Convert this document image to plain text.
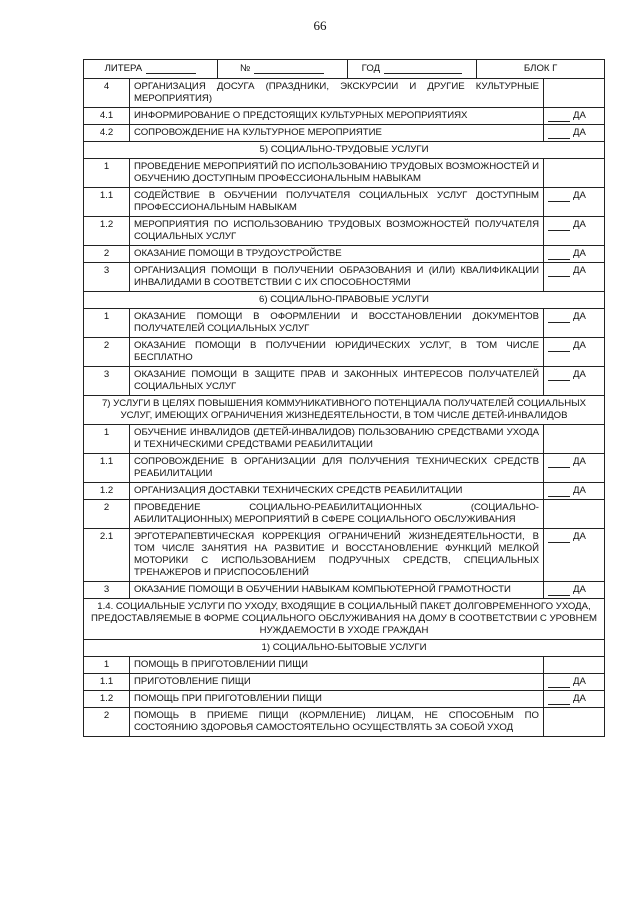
66
ЛИТЕРА № ГОД БЛОК Г		

4	ОРГАНИЗАЦИЯ ДОСУГА (ПРАЗДНИКИ, ЭКСКУРСИИ И ДРУГИЕ КУЛЬТУРНЫЕ МЕРОПРИЯТИЯ)	
4.1	ИНФОРМИРОВАНИЕ О ПРЕДСТОЯЩИХ КУЛЬТУРНЫХ МЕРОПРИЯТИЯХ	ДА
4.2	СОПРОВОЖДЕНИЕ НА КУЛЬТУРНОЕ МЕРОПРИЯТИЕ	ДА
5) СОЦИАЛЬНО-ТРУДОВЫЕ УСЛУГИ		
1	ПРОВЕДЕНИЕ МЕРОПРИЯТИЙ ПО ИСПОЛЬЗОВАНИЮ ТРУДОВЫХ ВОЗМОЖНОСТЕЙ И ОБУЧЕНИЮ ДОСТУПНЫМ ПРОФЕССИОНАЛЬНЫМ НАВЫКАМ	
1.1	СОДЕЙСТВИЕ В ОБУЧЕНИИ ПОЛУЧАТЕЛЯ СОЦИАЛЬНЫХ УСЛУГ ДОСТУПНЫМ ПРОФЕССИОНАЛЬНЫМ НАВЫКАМ	ДА
1.2	МЕРОПРИЯТИЯ ПО ИСПОЛЬЗОВАНИЮ ТРУДОВЫХ ВОЗМОЖНОСТЕЙ ПОЛУЧАТЕЛЯ СОЦИАЛЬНЫХ УСЛУГ	ДА
2	ОКАЗАНИЕ ПОМОЩИ В ТРУДОУСТРОЙСТВЕ	ДА
3	ОРГАНИЗАЦИЯ ПОМОЩИ В ПОЛУЧЕНИИ ОБРАЗОВАНИЯ И (ИЛИ) КВАЛИФИКАЦИИ ИНВАЛИДАМИ В СООТВЕТСТВИИ С ИХ СПОСОБНОСТЯМИ	ДА
6) СОЦИАЛЬНО-ПРАВОВЫЕ УСЛУГИ		
1	ОКАЗАНИЕ ПОМОЩИ В ОФОРМЛЕНИИ И ВОССТАНОВЛЕНИИ ДОКУМЕНТОВ ПОЛУЧАТЕЛЕЙ СОЦИАЛЬНЫХ УСЛУГ	ДА
2	ОКАЗАНИЕ ПОМОЩИ В ПОЛУЧЕНИИ ЮРИДИЧЕСКИХ УСЛУГ, В ТОМ ЧИСЛЕ БЕСПЛАТНО	ДА
3	ОКАЗАНИЕ ПОМОЩИ В ЗАЩИТЕ ПРАВ И ЗАКОННЫХ ИНТЕРЕСОВ ПОЛУЧАТЕЛЕЙ СОЦИАЛЬНЫХ УСЛУГ	ДА
7) УСЛУГИ В ЦЕЛЯХ ПОВЫШЕНИЯ КОММУНИКАТИВНОГО ПОТЕНЦИАЛА ПОЛУЧАТЕЛЕЙ СОЦИАЛЬНЫХ УСЛУГ, ИМЕЮЩИХ ОГРАНИЧЕНИЯ ЖИЗНЕДЕЯТЕЛЬНОСТИ, В ТОМ ЧИСЛЕ ДЕТЕЙ-ИНВАЛИДОВ		
1	ОБУЧЕНИЕ ИНВАЛИДОВ (ДЕТЕЙ-ИНВАЛИДОВ) ПОЛЬЗОВАНИЮ СРЕДСТВАМИ УХОДА И ТЕХНИЧЕСКИМИ СРЕДСТВАМИ РЕАБИЛИТАЦИИ	
1.1	СОПРОВОЖДЕНИЕ В ОРГАНИЗАЦИИ ДЛЯ ПОЛУЧЕНИЯ ТЕХНИЧЕСКИХ СРЕДСТВ РЕАБИЛИТАЦИИ	ДА
1.2	ОРГАНИЗАЦИЯ ДОСТАВКИ ТЕХНИЧЕСКИХ СРЕДСТВ РЕАБИЛИТАЦИИ	ДА
2	ПРОВЕДЕНИЕ СОЦИАЛЬНО-РЕАБИЛИТАЦИОННЫХ (СОЦИАЛЬНО-АБИЛИТАЦИОННЫХ) МЕРОПРИЯТИЙ В СФЕРЕ СОЦИАЛЬНОГО ОБСЛУЖИВАНИЯ	
2.1	ЭРГОТЕРАПЕВТИЧЕСКАЯ КОРРЕКЦИЯ ОГРАНИЧЕНИЙ ЖИЗНЕДЕЯТЕЛЬНОСТИ, В ТОМ ЧИСЛЕ ЗАНЯТИЯ НА РАЗВИТИЕ И ВОССТАНОВЛЕНИЕ ФУНКЦИЙ МЕЛКОЙ МОТОРИКИ С ИСПОЛЬЗОВАНИЕМ ПОДРУЧНЫХ СРЕДСТВ, СПЕЦИАЛЬНЫХ ТРЕНАЖЕРОВ И ПРИСПОСОБЛЕНИЙ	ДА
3	ОКАЗАНИЕ ПОМОЩИ В ОБУЧЕНИИ НАВЫКАМ КОМПЬЮТЕРНОЙ ГРАМОТНОСТИ	ДА
1.4. СОЦИАЛЬНЫЕ УСЛУГИ ПО УХОДУ, ВХОДЯЩИЕ В СОЦИАЛЬНЫЙ ПАКЕТ ДОЛГОВРЕМЕННОГО УХОДА, ПРЕДОСТАВЛЯЕМЫЕ В ФОРМЕ СОЦИАЛЬНОГО ОБСЛУЖИВАНИЯ НА ДОМУ В СООТВЕТСТВИИ С УРОВНЕМ НУЖДАЕМОСТИ В УХОДЕ ГРАЖДАН		
1) СОЦИАЛЬНО-БЫТОВЫЕ УСЛУГИ		
1	ПОМОЩЬ В ПРИГОТОВЛЕНИИ ПИЩИ	
1.1	ПРИГОТОВЛЕНИЕ ПИЩИ	ДА
1.2	ПОМОЩЬ ПРИ ПРИГОТОВЛЕНИИ ПИЩИ	ДА
2	ПОМОЩЬ В ПРИЕМЕ ПИЩИ (КОРМЛЕНИЕ) ЛИЦАМ, НЕ СПОСОБНЫМ ПО СОСТОЯНИЮ ЗДОРОВЬЯ САМОСТОЯТЕЛЬНО ОСУЩЕСТВЛЯТЬ ЗА СОБОЙ УХОД	
